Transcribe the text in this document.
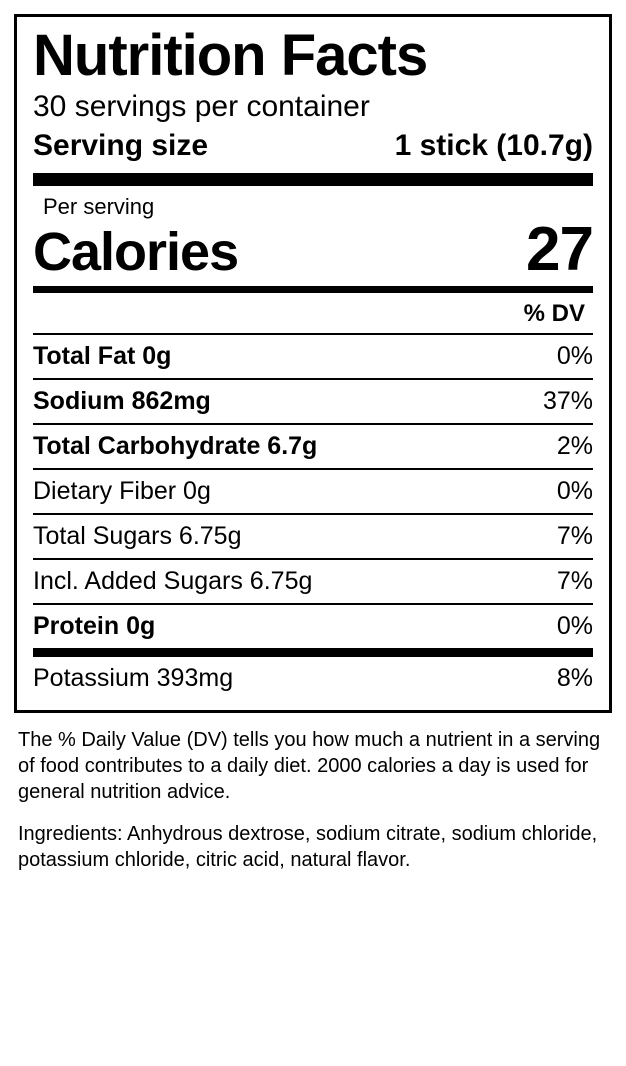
Nutrition Facts
30 servings per container
Serving size	1 stick (10.7g)
Per serving
Calories	27
% DV
Total Fat 0g	0%
Sodium 862mg	37%
Total Carbohydrate 6.7g	2%
Dietary Fiber 0g	0%
Total Sugars 6.75g	7%
Incl. Added Sugars 6.75g	7%
Protein 0g	0%
Potassium 393mg	8%
The % Daily Value (DV) tells you how much a nutrient in a serving of food contributes to a daily diet. 2000 calories a day is used for general nutrition advice.
Ingredients: Anhydrous dextrose, sodium citrate, sodium chloride, potassium chloride, citric acid, natural flavor.
